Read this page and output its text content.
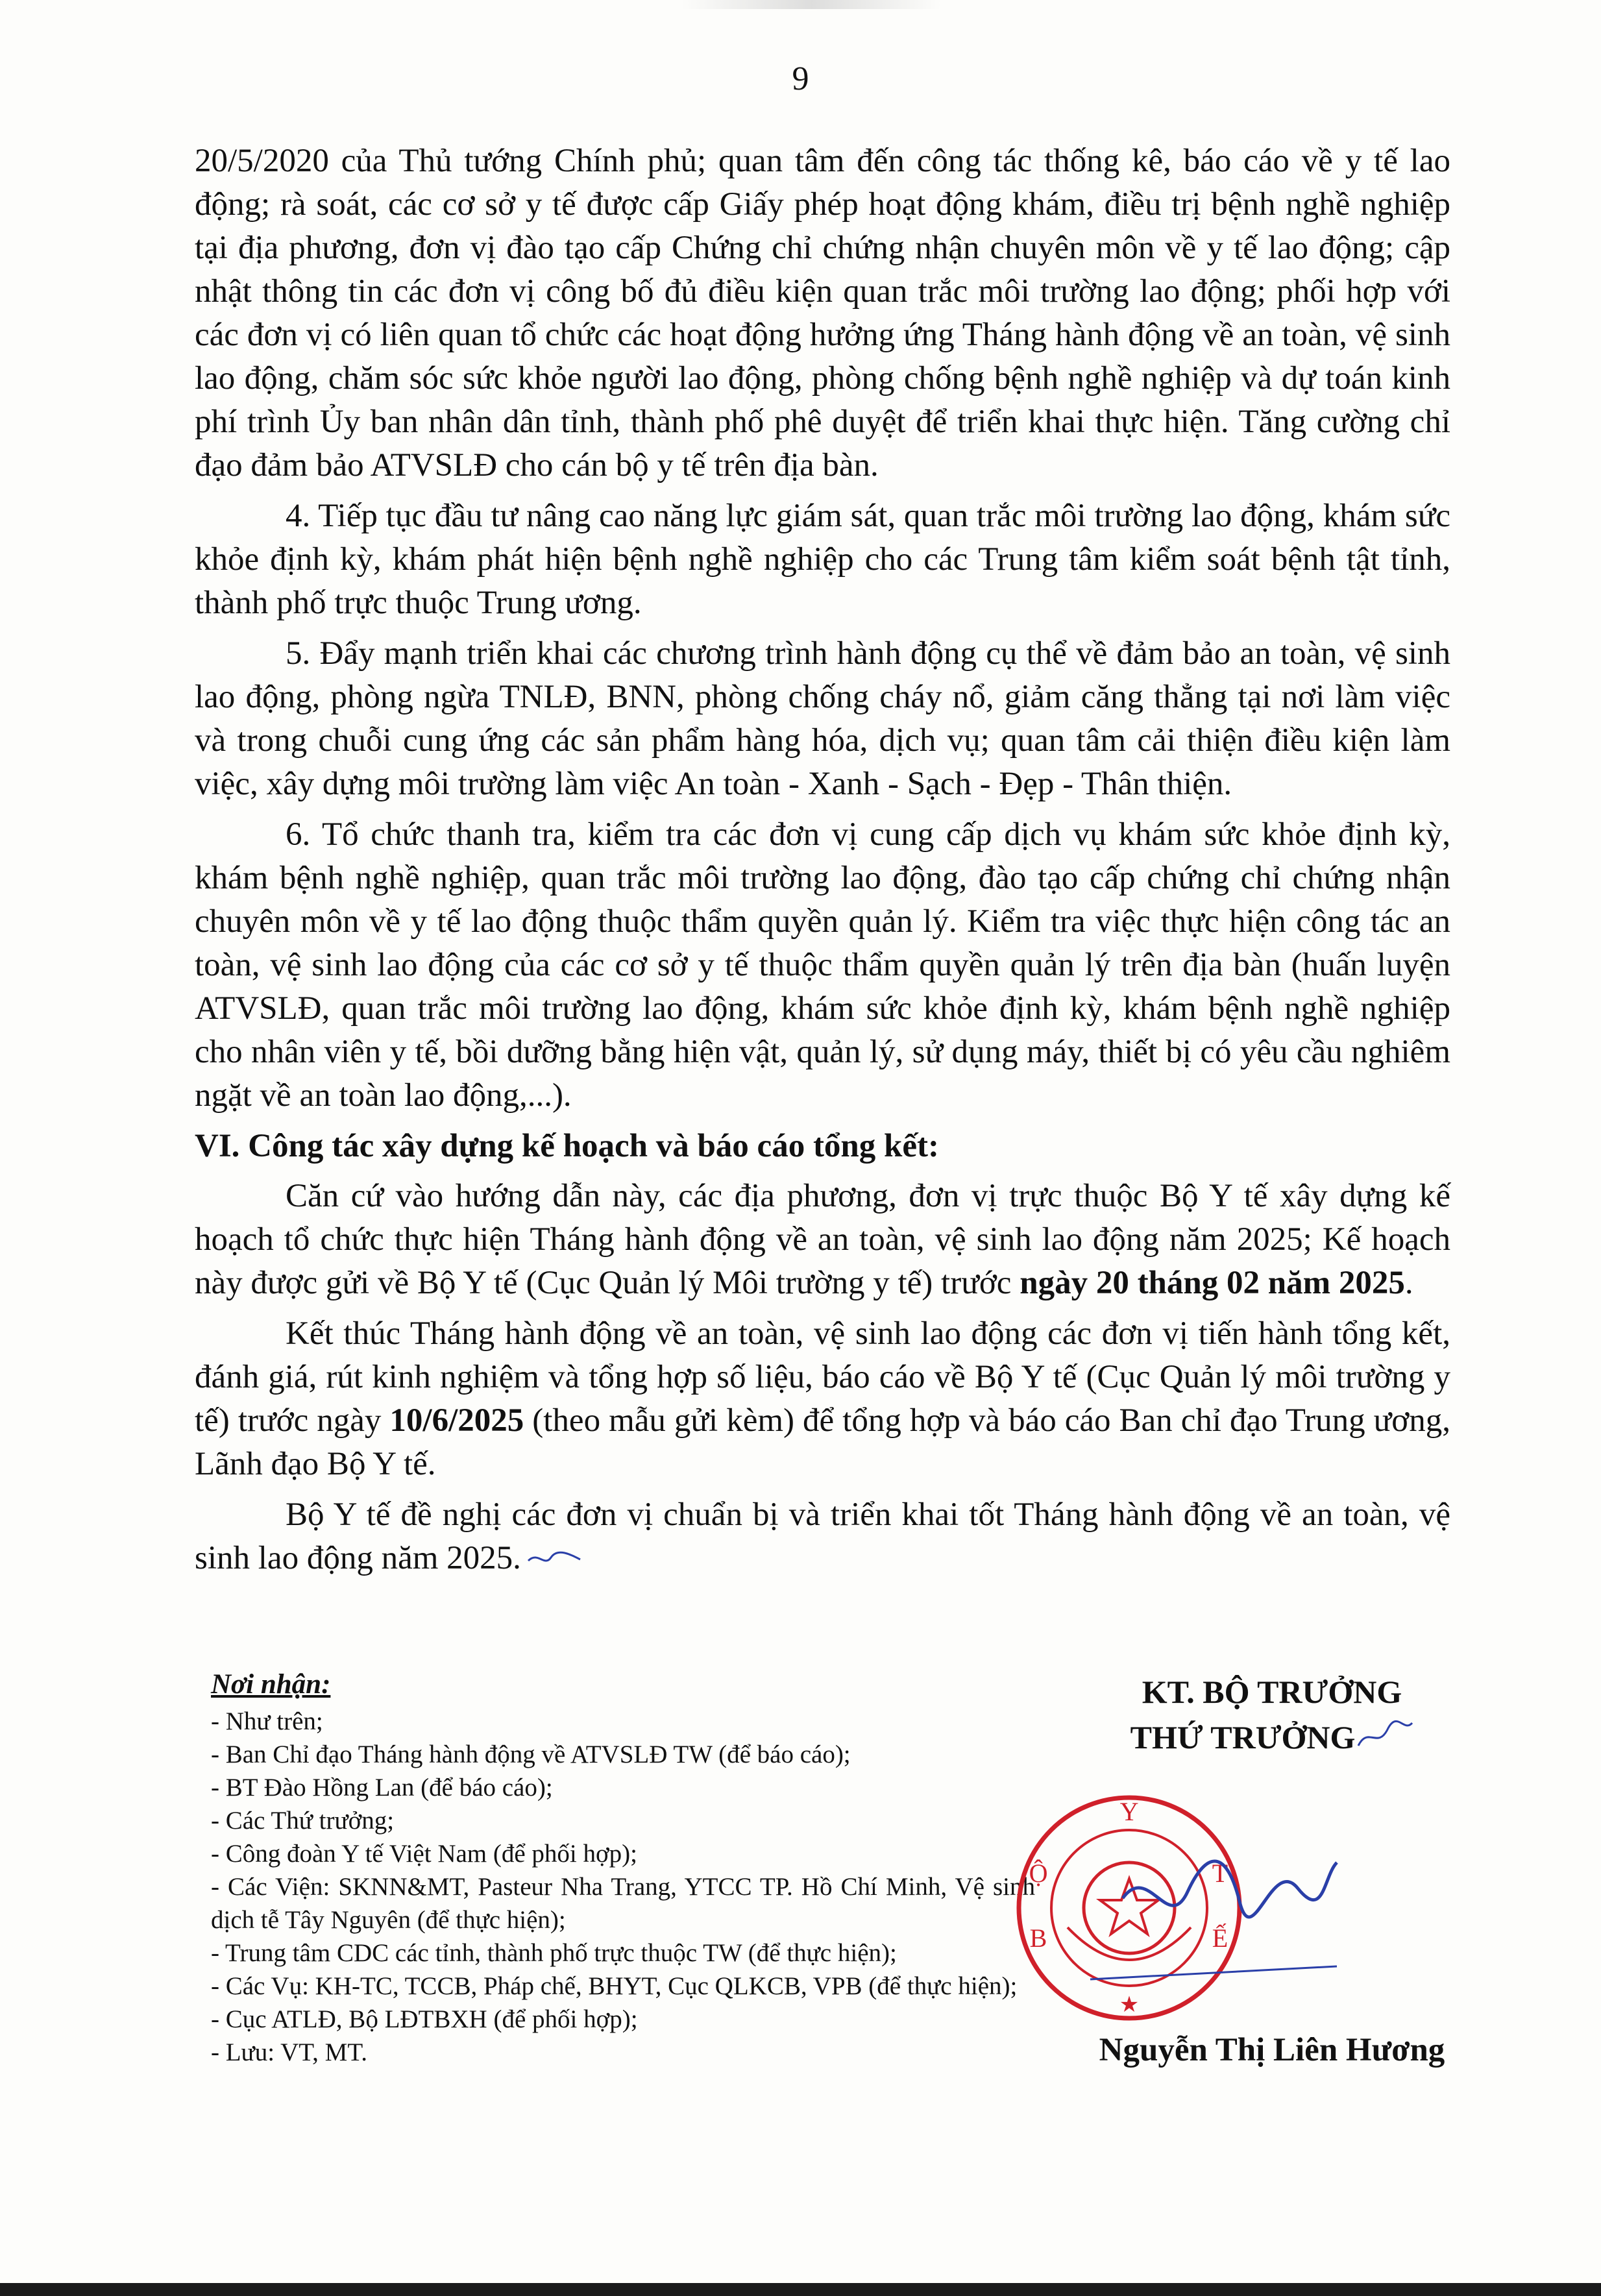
9

20/5/2020 của Thủ tướng Chính phủ; quan tâm đến công tác thống kê, báo cáo về y tế lao động; rà soát, các cơ sở y tế được cấp Giấy phép hoạt động khám, điều trị bệnh nghề nghiệp tại địa phương, đơn vị đào tạo cấp Chứng chỉ chứng nhận chuyên môn về y tế lao động; cập nhật thông tin các đơn vị công bố đủ điều kiện quan trắc môi trường lao động; phối hợp với các đơn vị có liên quan tổ chức các hoạt động hưởng ứng Tháng hành động về an toàn, vệ sinh lao động, chăm sóc sức khỏe người lao động, phòng chống bệnh nghề nghiệp và dự toán kinh phí trình Ủy ban nhân dân tỉnh, thành phố phê duyệt để triển khai thực hiện. Tăng cường chỉ đạo đảm bảo ATVSLĐ cho cán bộ y tế trên địa bàn.

4. Tiếp tục đầu tư nâng cao năng lực giám sát, quan trắc môi trường lao động, khám sức khỏe định kỳ, khám phát hiện bệnh nghề nghiệp cho các Trung tâm kiểm soát bệnh tật tỉnh, thành phố trực thuộc Trung ương.

5. Đẩy mạnh triển khai các chương trình hành động cụ thể về đảm bảo an toàn, vệ sinh lao động, phòng ngừa TNLĐ, BNN, phòng chống cháy nổ, giảm căng thẳng tại nơi làm việc và trong chuỗi cung ứng các sản phẩm hàng hóa, dịch vụ; quan tâm cải thiện điều kiện làm việc, xây dựng môi trường làm việc An toàn - Xanh - Sạch - Đẹp - Thân thiện.

6. Tổ chức thanh tra, kiểm tra các đơn vị cung cấp dịch vụ khám sức khỏe định kỳ, khám bệnh nghề nghiệp, quan trắc môi trường lao động, đào tạo cấp chứng chỉ chứng nhận chuyên môn về y tế lao động thuộc thẩm quyền quản lý. Kiểm tra việc thực hiện công tác an toàn, vệ sinh lao động của các cơ sở y tế thuộc thẩm quyền quản lý trên địa bàn (huấn luyện ATVSLĐ, quan trắc môi trường lao động, khám sức khỏe định kỳ, khám bệnh nghề nghiệp cho nhân viên y tế, bồi dưỡng bằng hiện vật, quản lý, sử dụng máy, thiết bị có yêu cầu nghiêm ngặt về an toàn lao động,...).

VI. Công tác xây dựng kế hoạch và báo cáo tổng kết:

Căn cứ vào hướng dẫn này, các địa phương, đơn vị trực thuộc Bộ Y tế xây dựng kế hoạch tổ chức thực hiện Tháng hành động về an toàn, vệ sinh lao động năm 2025; Kế hoạch này được gửi về Bộ Y tế (Cục Quản lý Môi trường y tế) trước ngày 20 tháng 02 năm 2025.

Kết thúc Tháng hành động về an toàn, vệ sinh lao động các đơn vị tiến hành tổng kết, đánh giá, rút kinh nghiệm và tổng hợp số liệu, báo cáo về Bộ Y tế (Cục Quản lý môi trường y tế) trước ngày 10/6/2025 (theo mẫu gửi kèm) để tổng hợp và báo cáo Ban chỉ đạo Trung ương, Lãnh đạo Bộ Y tế.

Bộ Y tế đề nghị các đơn vị chuẩn bị và triển khai tốt Tháng hành động về an toàn, vệ sinh lao động năm 2025.

Nơi nhận:
- Như trên;
- Ban Chỉ đạo Tháng hành động về ATVSLĐ TW (để báo cáo);
- BT Đào Hồng Lan (để báo cáo);
- Các Thứ trưởng;
- Công đoàn Y tế Việt Nam (để phối hợp);
- Các Viện: SKNN&MT, Pasteur Nha Trang, YTCC TP. Hồ Chí Minh, Vệ sinh dịch tễ Tây Nguyên (để thực hiện);
- Trung tâm CDC các tỉnh, thành phố trực thuộc TW (để thực hiện);
- Các Vụ: KH-TC, TCCB, Pháp chế, BHYT, Cục QLKCB, VPB (để thực hiện);
- Cục ATLĐ, Bộ LĐTBXH (để phối hợp);
- Lưu: VT, MT.
Y
Ộ
B
T
Ế
★
KT. BỘ TRƯỞNG
THỨ TRƯỞNG
Nguyễn Thị Liên Hương
